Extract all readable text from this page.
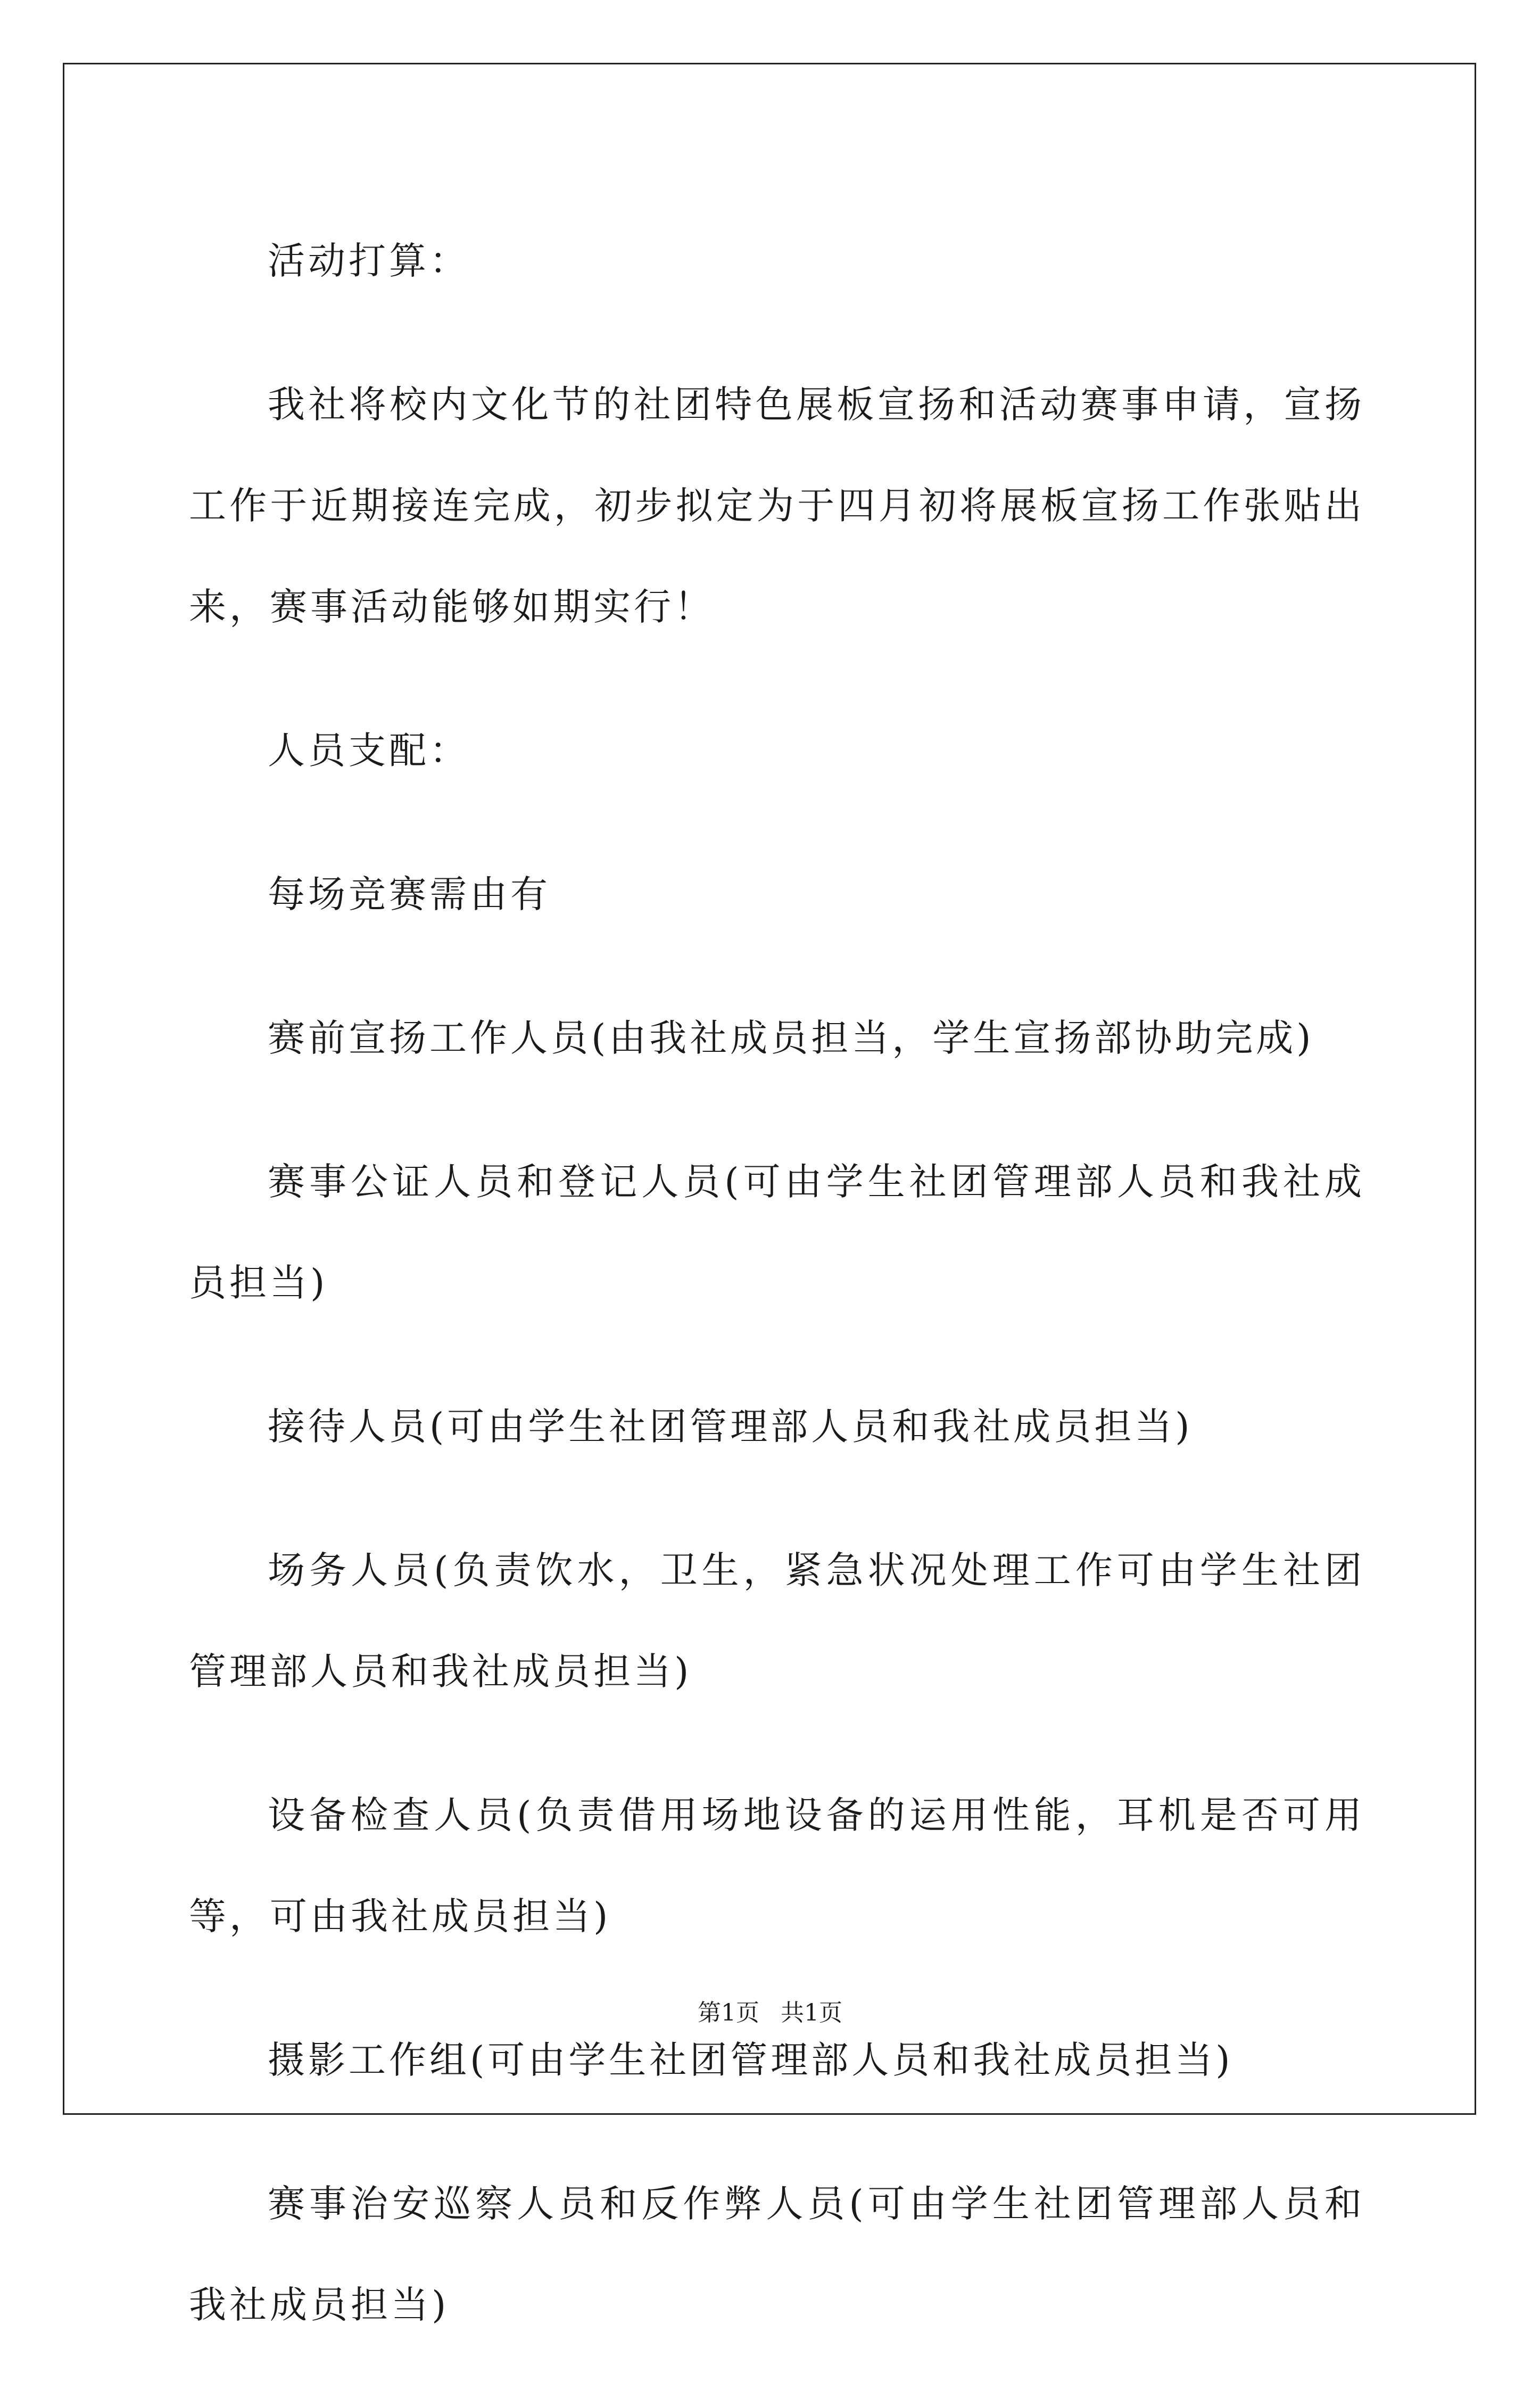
活动打算：

我社将校内文化节的社团特色展板宣扬和活动赛事申请，宣扬工作于近期接连完成，初步拟定为于四月初将展板宣扬工作张贴出来，赛事活动能够如期实行！

人员支配：

每场竞赛需由有

赛前宣扬工作人员(由我社成员担当，学生宣扬部协助完成)

赛事公证人员和登记人员(可由学生社团管理部人员和我社成员担当)

接待人员(可由学生社团管理部人员和我社成员担当)

场务人员(负责饮水，卫生，紧急状况处理工作可由学生社团管理部人员和我社成员担当)

设备检查人员(负责借用场地设备的运用性能，耳机是否可用等，可由我社成员担当)

摄影工作组(可由学生社团管理部人员和我社成员担当)

赛事治安巡察人员和反作弊人员(可由学生社团管理部人员和我社成员担当)

第1页 共1页
